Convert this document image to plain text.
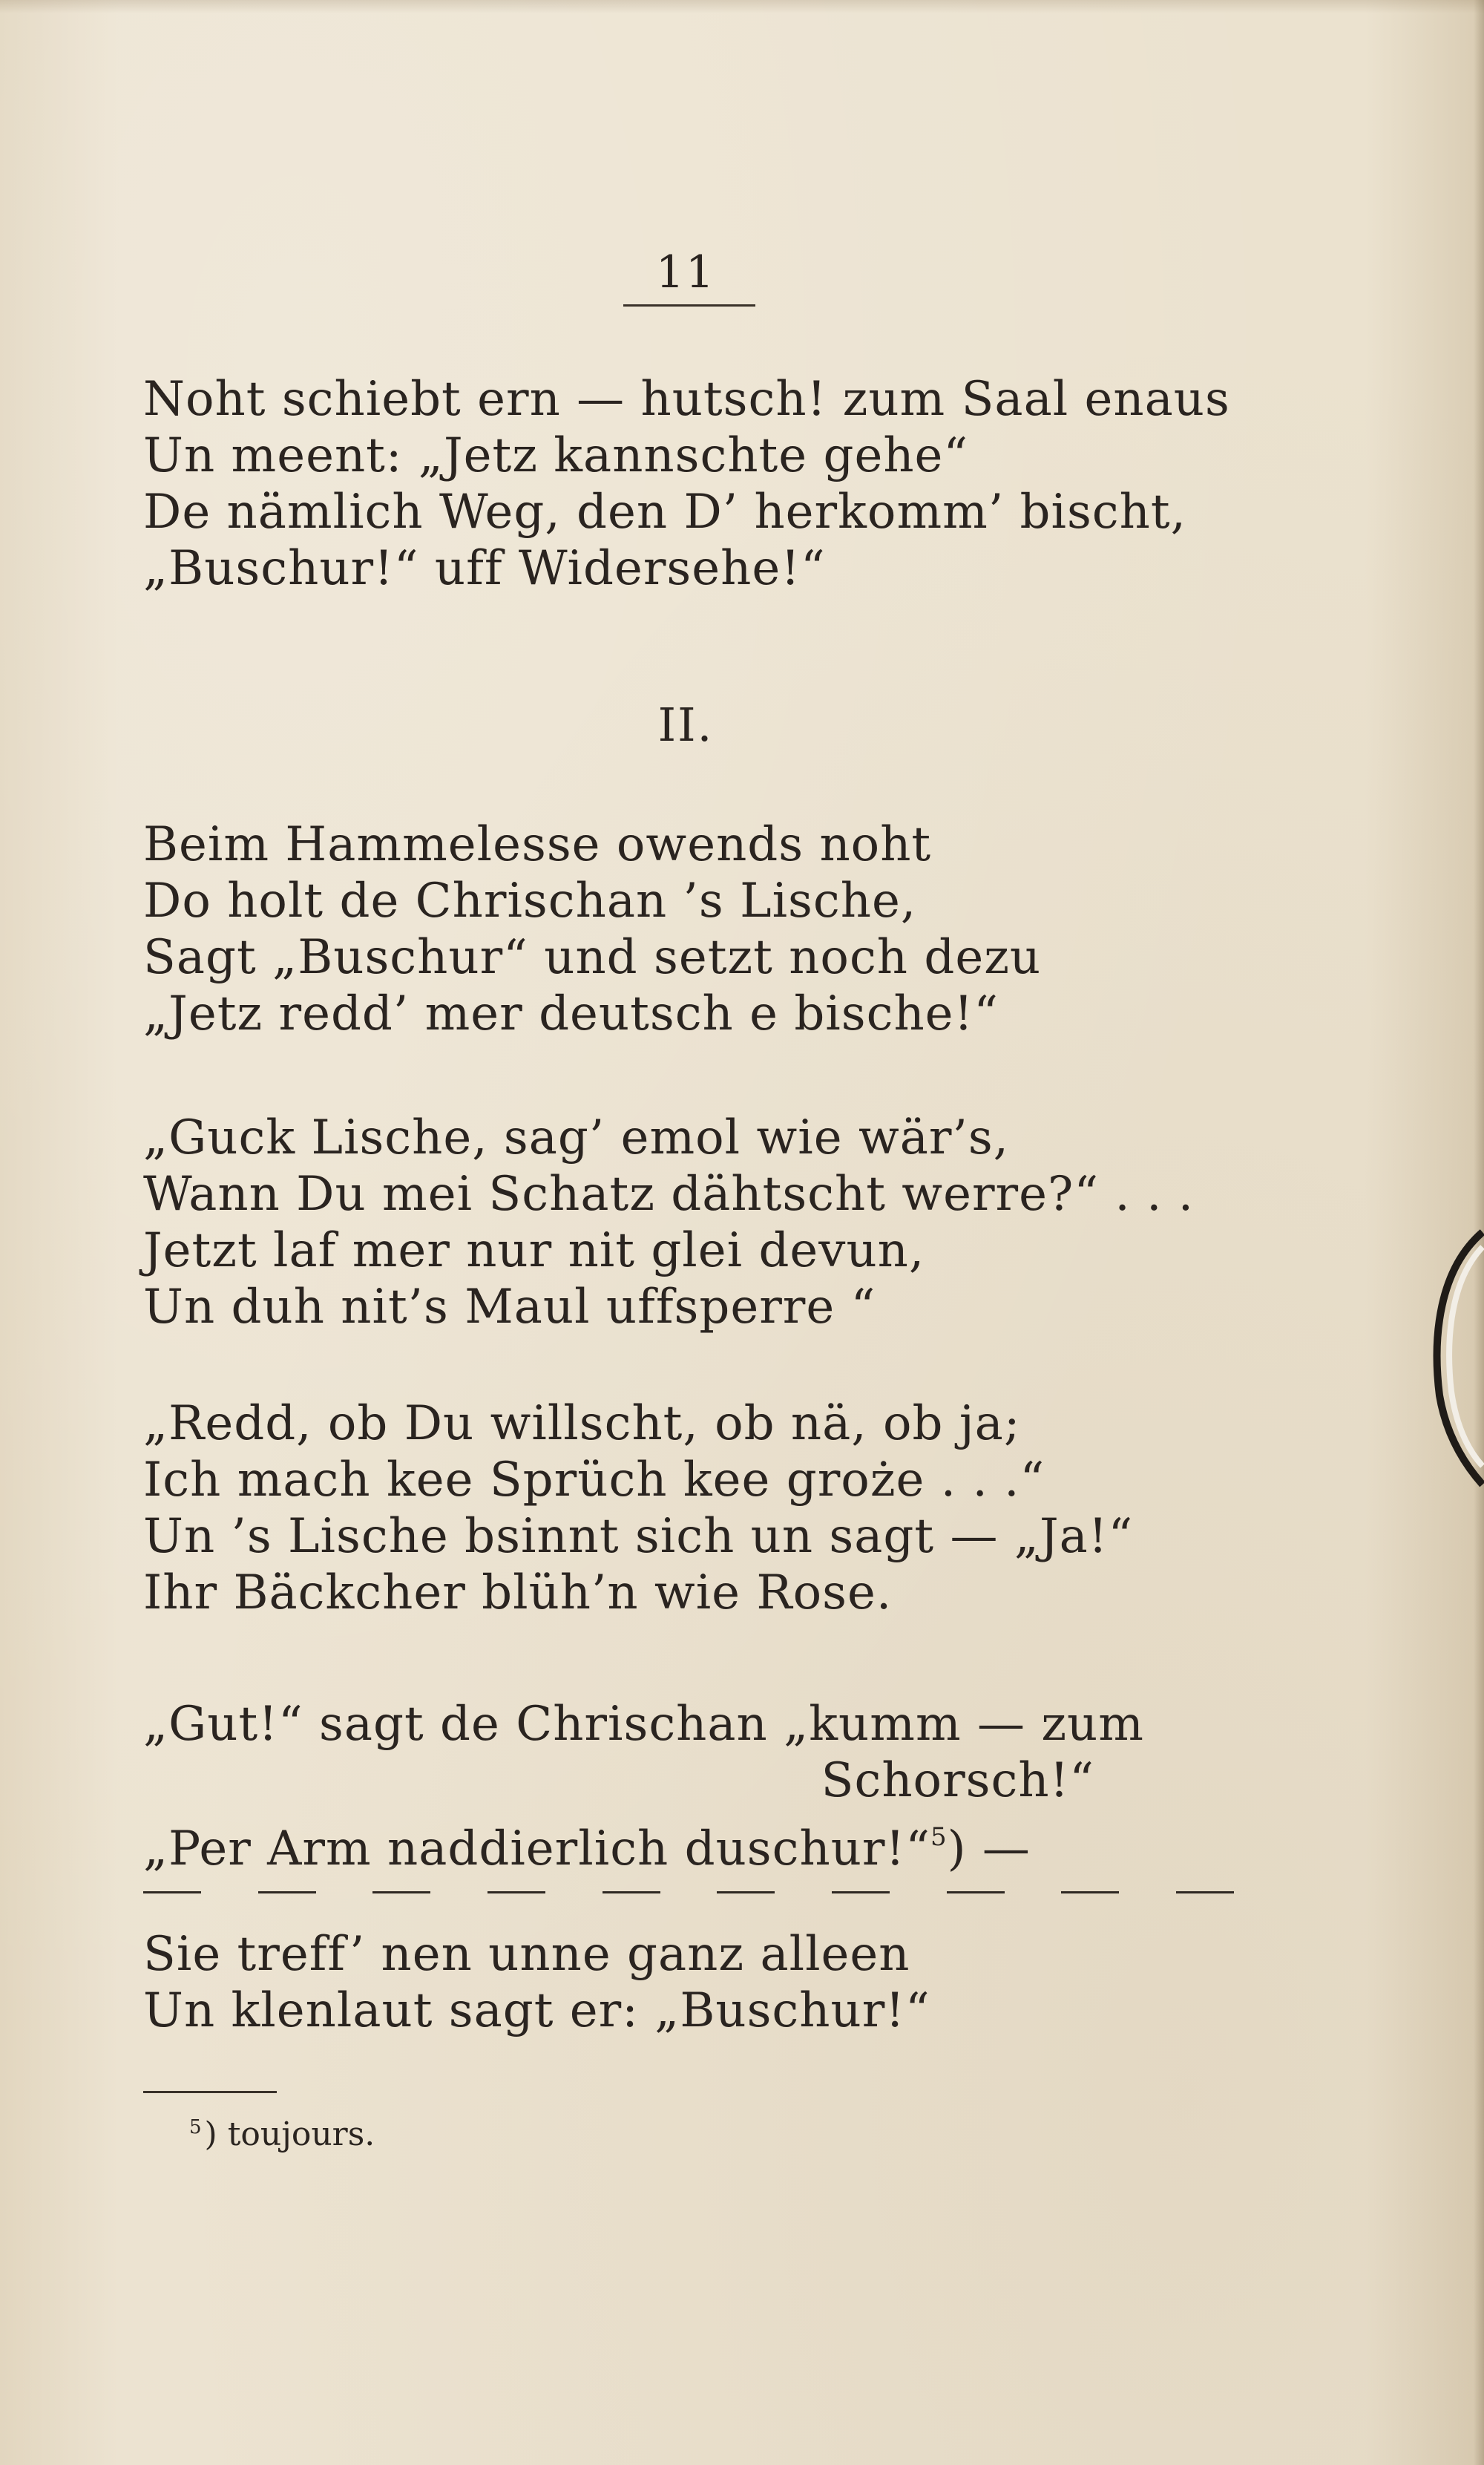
11
Noht schiebt ern — hutsch! zum Saal enaus
Un meent: „Jetz kannschte gehe“
De nämlich Weg, den D’ herkomm’ bischt,
„Buschur!“ uff Widersehe!“
II.
Beim Hammelesse owends noht
Do holt de Chrischan ’s Lische,
Sagt „Buschur“ und setzt noch dezu
„Jetz redd’ mer deutsch e bische!“
„Guck Lische, sag’ emol wie wär’s,
Wann Du mei Schatz dähtscht werre?“ . . .
Jetzt laf mer nur nit glei devun,
Un duh nit’s Maul uffsperre “
„Redd, ob Du willscht, ob nä, ob ja;
Ich mach kee Sprüch kee groże . . .“
Un ’s Lische bsinnt sich un sagt — „Ja!“
Ihr Bäckcher blüh’n wie Rose.
„Gut!“ sagt de Chrischan „kumm — zum
Schorsch!“
„Per Arm naddierlich duschur!“$^5$) —
Sie treff’ nen unne ganz alleen
Un klenlaut sagt er: „Buschur!“
$^5$) toujours.
